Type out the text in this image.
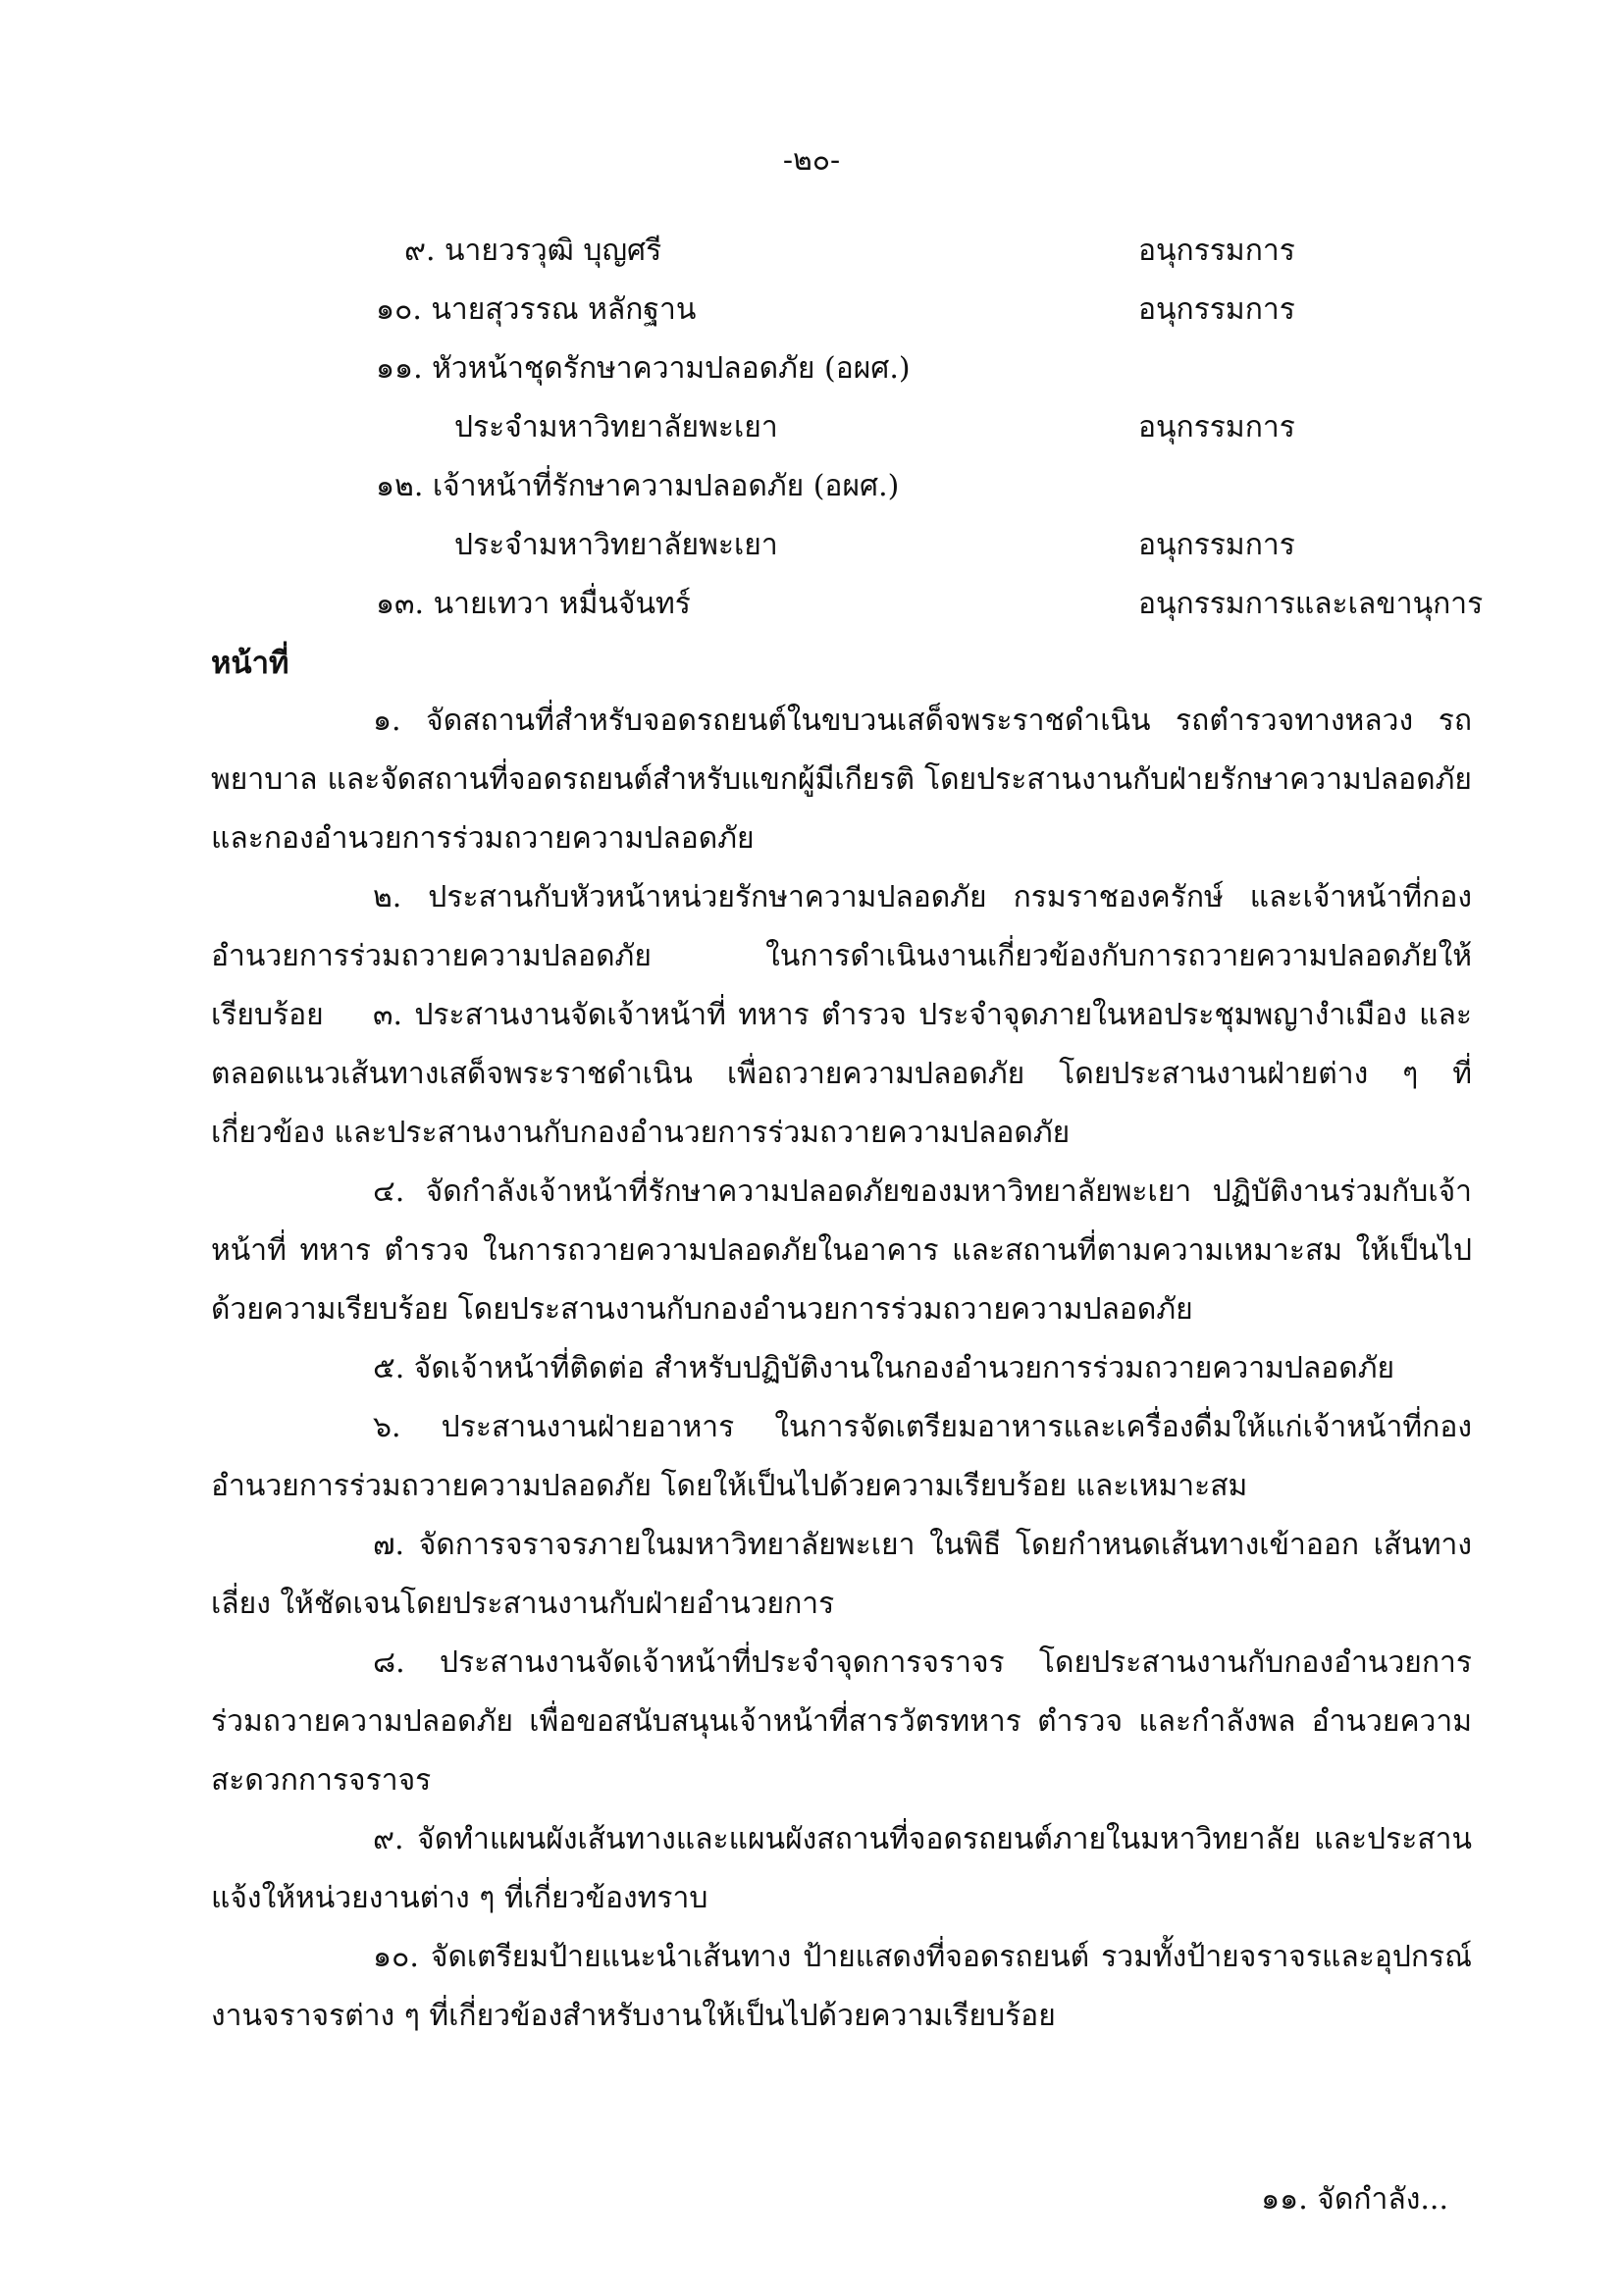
-๒๐-
๙. นายวรวุฒิ บุญศรี	อนุกรรมการ
๑๐. นายสุวรรณ หลักฐาน	อนุกรรมการ
๑๑. หัวหน้าชุดรักษาความปลอดภัย (อผศ.)
ประจำมหาวิทยาลัยพะเยา	อนุกรรมการ
๑๒. เจ้าหน้าที่รักษาความปลอดภัย (อผศ.)
ประจำมหาวิทยาลัยพะเยา	อนุกรรมการ
๑๓. นายเทวา หมื่นจันทร์	อนุกรรมการและเลขานุการ
หน้าที่

๑. จัดสถานที่สำหรับจอดรถยนต์ในขบวนเสด็จพระราชดำเนิน รถตำรวจทางหลวง รถพยาบาล และจัดสถานที่จอดรถยนต์สำหรับแขกผู้มีเกียรติ โดยประสานงานกับฝ่ายรักษาความปลอดภัยและกองอำนวยการร่วมถวายความปลอดภัย

๒. ประสานกับหัวหน้าหน่วยรักษาความปลอดภัย กรมราชองครักษ์ และเจ้าหน้าที่กองอำนวยการร่วมถวายความปลอดภัย ในการดำเนินงานเกี่ยวข้องกับการถวายความปลอดภัยให้เรียบร้อย	๓. ประสานงานจัดเจ้าหน้าที่ ทหาร ตำรวจ ประจำจุดภายในหอประชุมพญางำเมือง และตลอดแนวเส้นทางเสด็จพระราชดำเนิน เพื่อถวายความปลอดภัย โดยประสานงานฝ่ายต่าง ๆ ที่เกี่ยวข้อง และประสานงานกับกองอำนวยการร่วมถวายความปลอดภัย

๔. จัดกำลังเจ้าหน้าที่รักษาความปลอดภัยของมหาวิทยาลัยพะเยา ปฏิบัติงานร่วมกับเจ้าหน้าที่ ทหาร ตำรวจ ในการถวายความปลอดภัยในอาคาร และสถานที่ตามความเหมาะสม ให้เป็นไปด้วยความเรียบร้อย โดยประสานงานกับกองอำนวยการร่วมถวายความปลอดภัย

๕. จัดเจ้าหน้าที่ติดต่อ สำหรับปฏิบัติงานในกองอำนวยการร่วมถวายความปลอดภัย

๖. ประสานงานฝ่ายอาหาร ในการจัดเตรียมอาหารและเครื่องดื่มให้แก่เจ้าหน้าที่กองอำนวยการร่วมถวายความปลอดภัย โดยให้เป็นไปด้วยความเรียบร้อย และเหมาะสม

๗. จัดการจราจรภายในมหาวิทยาลัยพะเยา ในพิธี โดยกำหนดเส้นทางเข้าออก เส้นทางเลี่ยง ให้ชัดเจนโดยประสานงานกับฝ่ายอำนวยการ

๘. ประสานงานจัดเจ้าหน้าที่ประจำจุดการจราจร โดยประสานงานกับกองอำนวยการร่วมถวายความปลอดภัย เพื่อขอสนับสนุนเจ้าหน้าที่สารวัตรทหาร ตำรวจ และกำลังพล อำนวยความสะดวกการจราจร

๙. จัดทำแผนผังเส้นทางและแผนผังสถานที่จอดรถยนต์ภายในมหาวิทยาลัย และประสานแจ้งให้หน่วยงานต่าง ๆ ที่เกี่ยวข้องทราบ

๑๐. จัดเตรียมป้ายแนะนำเส้นทาง ป้ายแสดงที่จอดรถยนต์ รวมทั้งป้ายจราจรและอุปกรณ์งานจราจรต่าง ๆ ที่เกี่ยวข้องสำหรับงานให้เป็นไปด้วยความเรียบร้อย

๑๑. จัดกำลัง...
